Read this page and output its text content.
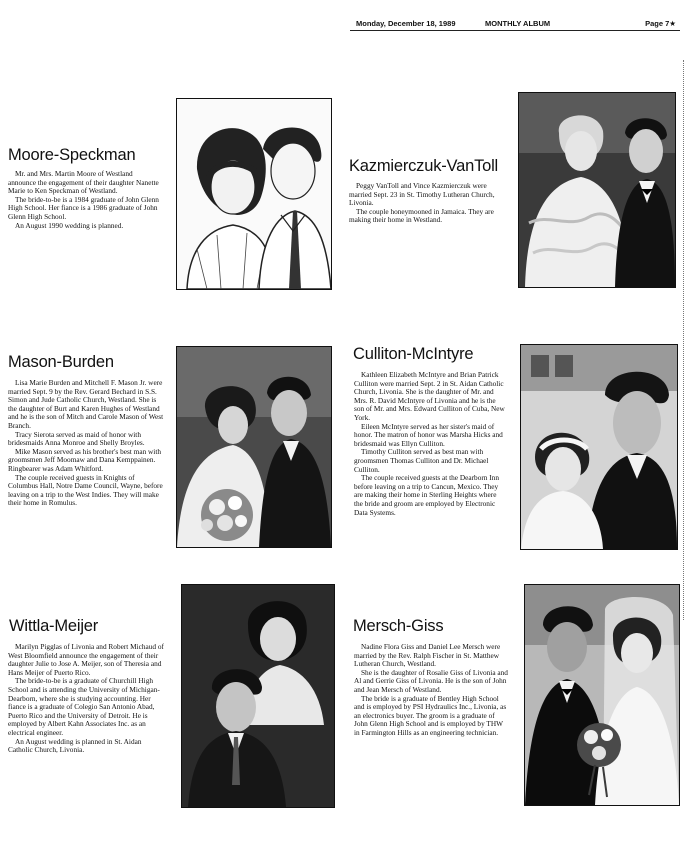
Monday, December 18, 1989	MONTHLY ALBUM	Page 7★
Moore-Speckman

Mr. and Mrs. Martin Moore of Westland announce the engagement of their daughter Nanette Marie to Ken Speckman of Westland.

The bride-to-be is a 1984 graduate of John Glenn High School. Her fiance is a 1986 graduate of John Glenn High School.

An August 1990 wedding is planned.

Kazmierczuk-VanToll

Peggy VanToll and Vince Kazmierczuk were married Sept. 23 in St. Timothy Lutheran Church, Livonia.

The couple honeymooned in Jamaica. They are making their home in Westland.

Mason-Burden

Lisa Marie Burden and Mitchell F. Mason Jr. were married Sept. 9 by the Rev. Gerard Bechard in S.S. Simon and Jude Catholic Church, Westland. She is the daughter of Burt and Karen Hughes of Westland and he is the son of Mitch and Carole Mason of West Branch.

Tracy Sierota served as maid of honor with bridesmaids Anna Monroe and Shelly Broyles.

Mike Mason served as his brother's best man with groomsmen Jeff Moomaw and Dana Kemppainen. Ringbearer was Adam Whitford.

The couple received guests in Knights of Columbus Hall, Notre Dame Council, Wayne, before leaving on a trip to the West Indies. They will make their home in Romulus.

Culliton-McIntyre

Kathleen Elizabeth McIntyre and Brian Patrick Culliton were married Sept. 2 in St. Aidan Catholic Church, Livonia. She is the daughter of Mr. and Mrs. R. David McIntyre of Livonia and he is the son of Mr. and Mrs. Edward Culliton of Cuba, New York.

Eileen McIntyre served as her sister's maid of honor. The matron of honor was Marsha Hicks and bridesmaid was Ellyn Culliton.

Timothy Culliton served as best man with groomsmen Thomas Culliton and Dr. Michael Culliton.

The couple received guests at the Dearborn Inn before leaving on a trip to Cancun, Mexico. They are making their home in Sterling Heights where the bride and groom are employed by Electronic Data Systems.

Wittla-Meijer

Marilyn Pigglas of Livonia and Robert Michaud of West Bloomfield announce the engagement of their daughter Julie to Jose A. Meijer, son of Theresia and Hans Meijer of Puerto Rico.

The bride-to-be is a graduate of Churchill High School and is attending the University of Michigan-Dearborn, where she is studying accounting. Her fiance is a graduate of Colegio San Antonio Abad, Puerto Rico and the University of Detroit. He is employed by Albert Kahn Associates Inc. as an electrical engineer.

An August wedding is planned in St. Aidan Catholic Church, Livonia.

Mersch-Giss

Nadine Flora Giss and Daniel Lee Mersch were married by the Rev. Ralph Fischer in St. Matthew Lutheran Church, Westland.

She is the daughter of Rosalie Giss of Livonia and Al and Gerrie Giss of Livonia. He is the son of John and Jean Mersch of Westland.

The bride is a graduate of Bentley High School and is employed by PSI Hydraulics Inc., Livonia, as an electronics buyer. The groom is a graduate of John Glenn High School and is employed by THW in Farmington Hills as an engineering technician.
